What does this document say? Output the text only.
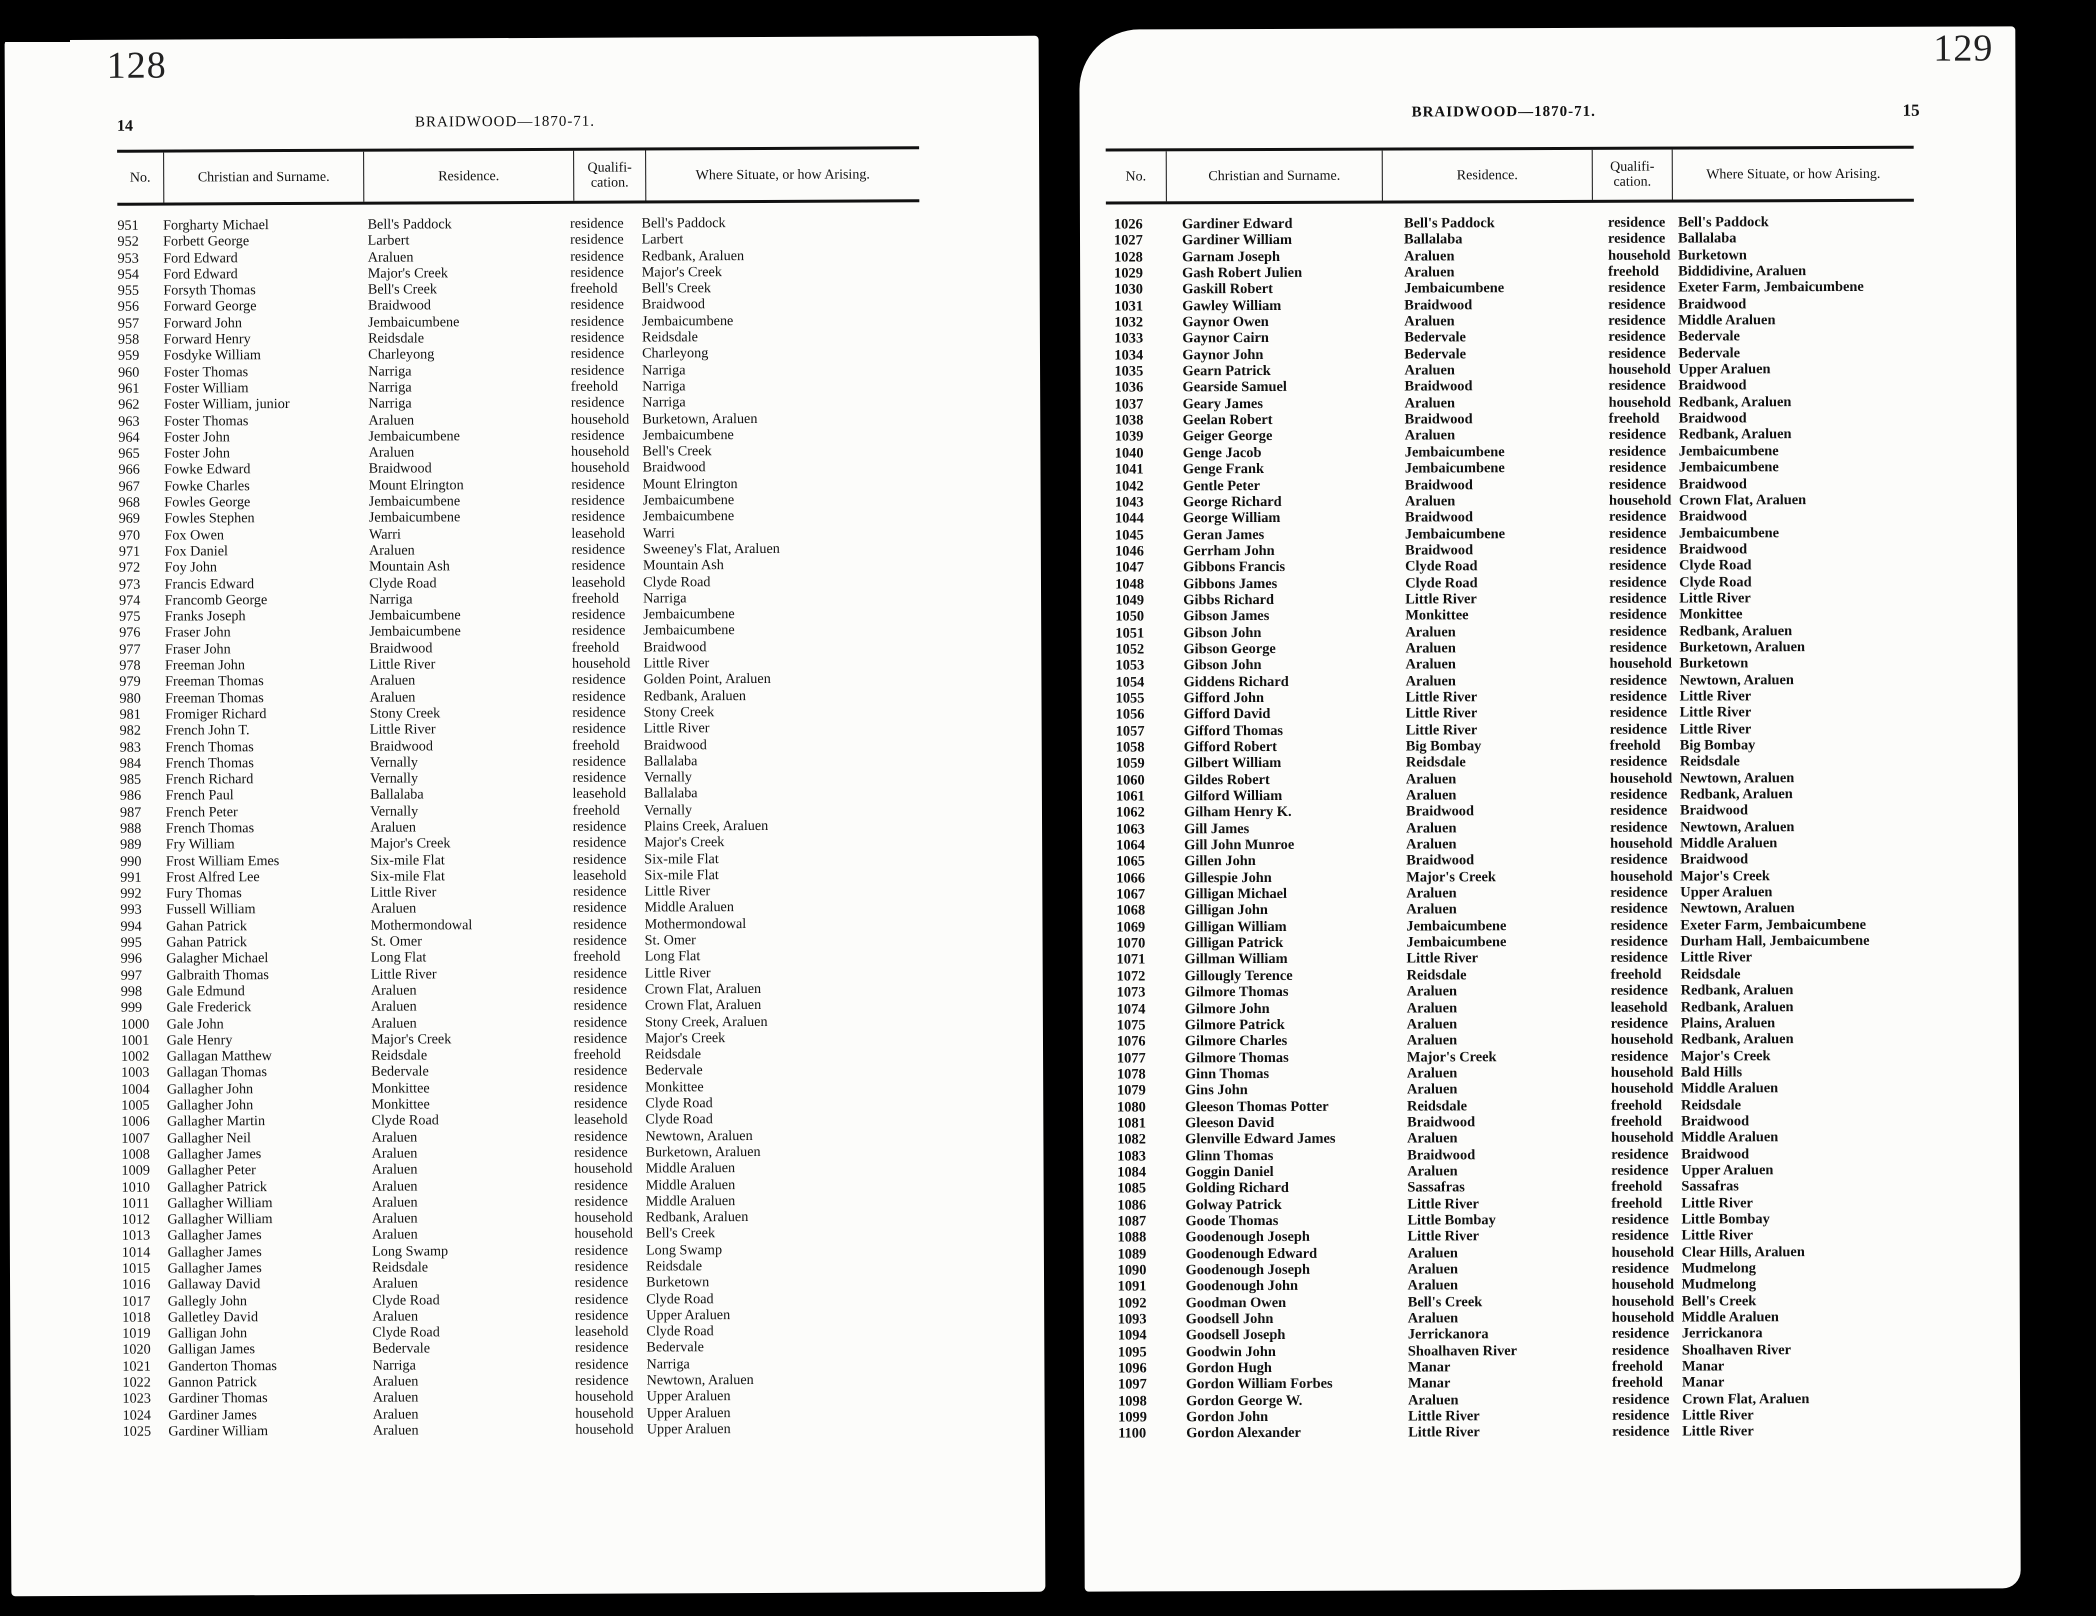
128
14	BRAIDWOOD—1870-71.
No.	Christian and Surname.	Residence.
Qualifi-cation.
Where Situate, or how Arising.
951	Forgharty Michael	Bell's Paddock	residence	Bell's Paddock
952	Forbett George	Larbert	residence	Larbert
953	Ford Edward	Araluen	residence	Redbank, Araluen
954	Ford Edward	Major's Creek	residence	Major's Creek
955	Forsyth Thomas	Bell's Creek	freehold	Bell's Creek
956	Forward George	Braidwood	residence	Braidwood
957	Forward John	Jembaicumbene	residence	Jembaicumbene
958	Forward Henry	Reidsdale	residence	Reidsdale
959	Fosdyke William	Charleyong	residence	Charleyong
960	Foster Thomas	Narriga	residence	Narriga
961	Foster William	Narriga	freehold	Narriga
962	Foster William, junior	Narriga	residence	Narriga
963	Foster Thomas	Araluen	household Burketown, Araluen
964	Foster John	Jembaicumbene	residence	Jembaicumbene
965	Foster John	Araluen	household Bell's Creek
966	Fowke Edward	Braidwood	household Braidwood
967	Fowke Charles	Mount Elrington	residence	Mount Elrington
968	Fowles George	Jembaicumbene	residence	Jembaicumbene
969	Fowles Stephen	Jembaicumbene	residence	Jembaicumbene
970	Fox Owen	Warri	leasehold	Warri
971	Fox Daniel	Araluen	residence	Sweeney's Flat, Araluen
972	Foy John	Mountain Ash	residence	Mountain Ash
973	Francis Edward	Clyde Road	leasehold	Clyde Road
974	Francomb George	Narriga	freehold	Narriga
975	Franks Joseph	Jembaicumbene	residence	Jembaicumbene
976	Fraser John	Jembaicumbene	residence	Jembaicumbene
977	Fraser John	Braidwood	freehold	Braidwood
978	Freeman John	Little River	household Little River
979	Freeman Thomas	Araluen	residence	Golden Point, Araluen
980	Freeman Thomas	Araluen	residence	Redbank, Araluen
981	Fromiger Richard	Stony Creek	residence	Stony Creek
982	French John T.	Little River	residence	Little River
983	French Thomas	Braidwood	freehold	Braidwood
984	French Thomas	Vernally	residence	Ballalaba
985	French Richard	Vernally	residence	Vernally
986	French Paul	Ballalaba	leasehold	Ballalaba
987	French Peter	Vernally	freehold	Vernally
988	French Thomas	Araluen	residence	Plains Creek, Araluen
989	Fry William	Major's Creek	residence	Major's Creek
990	Frost William Emes	Six-mile Flat	residence	Six-mile Flat
991	Frost Alfred Lee	Six-mile Flat	leasehold	Six-mile Flat
992	Fury Thomas	Little River	residence	Little River
993	Fussell William	Araluen	residence	Middle Araluen
994	Gahan Patrick	Mothermondowal	residence	Mothermondowal
995	Gahan Patrick	St. Omer	residence	St. Omer
996	Galagher Michael	Long Flat	freehold	Long Flat
997	Galbraith Thomas	Little River	residence	Little River
998	Gale Edmund	Araluen	residence	Crown Flat, Araluen
999	Gale Frederick	Araluen	residence	Crown Flat, Araluen
1000	Gale John	Araluen	residence	Stony Creek, Araluen
1001	Gale Henry	Major's Creek	residence	Major's Creek
1002	Gallagan Matthew	Reidsdale	freehold	Reidsdale
1003	Gallagan Thomas	Bedervale	residence	Bedervale
1004	Gallagher John	Monkittee	residence	Monkittee
1005	Gallagher John	Monkittee	residence	Clyde Road
1006	Gallagher Martin	Clyde Road	leasehold	Clyde Road
1007	Gallagher Neil	Araluen	residence	Newtown, Araluen
1008	Gallagher James	Araluen	residence	Burketown, Araluen
1009	Gallagher Peter	Araluen	household Middle Araluen
1010	Gallagher Patrick	Araluen	residence	Middle Araluen
1011	Gallagher William	Araluen	residence	Middle Araluen
1012	Gallagher William	Araluen	household Redbank, Araluen
1013	Gallagher James	Araluen	household Bell's Creek
1014	Gallagher James	Long Swamp	residence	Long Swamp
1015	Gallagher James	Reidsdale	residence	Reidsdale
1016	Gallaway David	Araluen	residence	Burketown
1017	Gallegly John	Clyde Road	residence	Clyde Road
1018	Galletley David	Araluen	residence	Upper Araluen
1019	Galligan John	Clyde Road	leasehold	Clyde Road
1020	Galligan James	Bedervale	residence	Bedervale
1021	Ganderton Thomas	Narriga	residence	Narriga
1022	Gannon Patrick	Araluen	residence	Newtown, Araluen
1023	Gardiner Thomas	Araluen	household Upper Araluen
1024	Gardiner James	Araluen	household Upper Araluen
1025	Gardiner William	Araluen	household Upper Araluen
129
15
BRAIDWOOD—1870-71.
No.	Christian and Surname.	Residence.
Qualifi-cation.
Where Situate, or how Arising.
1026	Gardiner Edward	Bell's Paddock	residence Bell's Paddock
1027	Gardiner William	Ballalaba	residence Ballalaba
1028	Garnam Joseph	Araluen	household Burketown
1029	Gash Robert Julien	Araluen	freehold	Biddidivine, Araluen
1030	Gaskill Robert	Jembaicumbene	residence Exeter Farm, Jembaicumbene
1031	Gawley William	Braidwood	residence Braidwood
1032	Gaynor Owen	Araluen	residence Middle Araluen
1033	Gaynor Cairn	Bedervale	residence Bedervale
1034	Gaynor John	Bedervale	residence Bedervale
1035	Gearn Patrick	Araluen	household Upper Araluen
1036	Gearside Samuel	Braidwood	residence Braidwood
1037	Geary James	Araluen	household Redbank, Araluen
1038	Geelan Robert	Braidwood	freehold	Braidwood
1039	Geiger George	Araluen	residence Redbank, Araluen
1040	Genge Jacob	Jembaicumbene	residence Jembaicumbene
1041	Genge Frank	Jembaicumbene	residence Jembaicumbene
1042	Gentle Peter	Braidwood	residence Braidwood
1043	George Richard	Araluen	household Crown Flat, Araluen
1044	George William	Braidwood	residence Braidwood
1045	Geran James	Jembaicumbene	residence Jembaicumbene
1046	Gerrham John	Braidwood	residence Braidwood
1047	Gibbons Francis	Clyde Road	residence Clyde Road
1048	Gibbons James	Clyde Road	residence Clyde Road
1049	Gibbs Richard	Little River	residence Little River
1050	Gibson James	Monkittee	residence Monkittee
1051	Gibson John	Araluen	residence Redbank, Araluen
1052	Gibson George	Araluen	residence Burketown, Araluen
1053	Gibson John	Araluen	household Burketown
1054	Giddens Richard	Araluen	residence Newtown, Araluen
1055	Gifford John	Little River	residence Little River
1056	Gifford David	Little River	residence Little River
1057	Gifford Thomas	Little River	residence Little River
1058	Gifford Robert	Big Bombay	freehold	Big Bombay
1059	Gilbert William	Reidsdale	residence Reidsdale
1060	Gildes Robert	Araluen	household Newtown, Araluen
1061	Gilford William	Araluen	residence Redbank, Araluen
1062	Gilham Henry K.	Braidwood	residence Braidwood
1063	Gill James	Araluen	residence Newtown, Araluen
1064	Gill John Munroe	Araluen	household Middle Araluen
1065	Gillen John	Braidwood	residence Braidwood
1066	Gillespie John	Major's Creek	household Major's Creek
1067	Gilligan Michael	Araluen	residence Upper Araluen
1068	Gilligan John	Araluen	residence Newtown, Araluen
1069	Gilligan William	Jembaicumbene	residence Exeter Farm, Jembaicumbene
1070	Gilligan Patrick	Jembaicumbene	residence Durham Hall, Jembaicumbene
1071	Gillman William	Little River	residence Little River
1072	Gillougly Terence	Reidsdale	freehold	Reidsdale
1073	Gilmore Thomas	Araluen	residence Redbank, Araluen
1074	Gilmore John	Araluen	leasehold Redbank, Araluen
1075	Gilmore Patrick	Araluen	residence Plains, Araluen
1076	Gilmore Charles	Araluen	household Redbank, Araluen
1077	Gilmore Thomas	Major's Creek	residence Major's Creek
1078	Ginn Thomas	Araluen	household Bald Hills
1079	Gins John	Araluen	household Middle Araluen
1080	Gleeson Thomas Potter	Reidsdale	freehold	Reidsdale
1081	Gleeson David	Braidwood	freehold	Braidwood
1082	Glenville Edward James	Araluen	household Middle Araluen
1083	Glinn Thomas	Braidwood	residence Braidwood
1084	Goggin Daniel	Araluen	residence Upper Araluen
1085	Golding Richard	Sassafras	freehold	Sassafras
1086	Golway Patrick	Little River	freehold	Little River
1087	Goode Thomas	Little Bombay	residence Little Bombay
1088	Goodenough Joseph	Little River	residence Little River
1089	Goodenough Edward	Araluen	household Clear Hills, Araluen
1090	Goodenough Joseph	Araluen	residence Mudmelong
1091	Goodenough John	Araluen	household Mudmelong
1092	Goodman Owen	Bell's Creek	household Bell's Creek
1093	Goodsell John	Araluen	household Middle Araluen
1094	Goodsell Joseph	Jerrickanora	residence Jerrickanora
1095	Goodwin John	Shoalhaven River	residence Shoalhaven River
1096	Gordon Hugh	Manar	freehold	Manar
1097	Gordon William Forbes	Manar	freehold	Manar
1098	Gordon George W.	Araluen	residence Crown Flat, Araluen
1099	Gordon John	Little River	residence Little River
1100	Gordon Alexander	Little River	residence Little River
